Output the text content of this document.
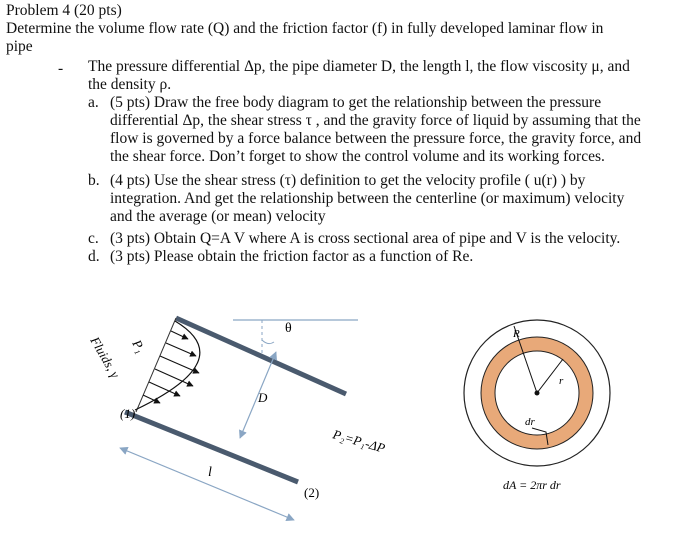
Problem 4 (20 pts)
Determine the volume flow rate (Q) and the friction factor (f) in fully developed laminar flow in
pipe
- The pressure differential Δp, the pipe diameter D, the length l, the flow viscosity μ, and
the density ρ.
a. (5 pts) Draw the free body diagram to get the relationship between the pressure
differential Δp, the shear stress τ , and the gravity force of liquid by assuming that the
flow is governed by a force balance between the pressure force, the gravity force, and
the shear force. Don’t forget to show the control volume and its working forces.
b. (4 pts) Use the shear stress (τ) definition to get the velocity profile ( u(r) ) by
integration. And get the relationship between the centerline (or maximum) velocity
and the average (or mean) velocity
c. (3 pts) Obtain Q=A V where A is cross sectional area of pipe and V is the velocity.
d. (3 pts) Please obtain the friction factor as a function of Re.
D
l
θ
P₁
Fluids, γ
(1)
P₂=P₁-ΔP
(2)
R
r
dr
dA = 2πr dr
